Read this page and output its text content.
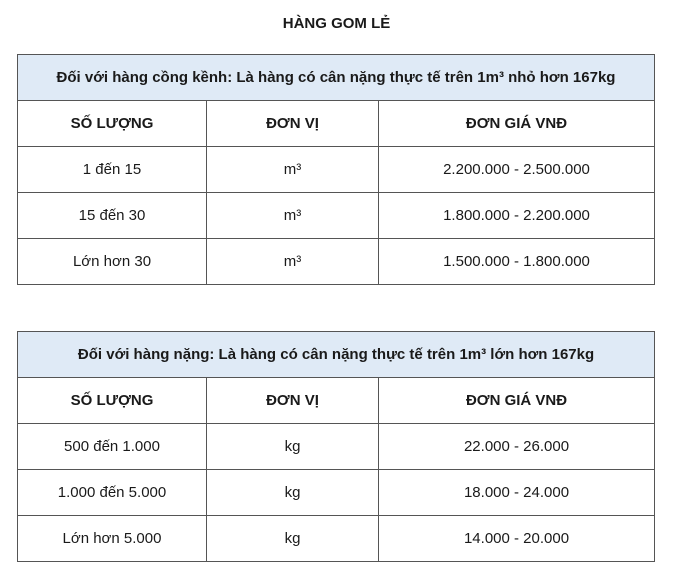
HÀNG GOM LẺ
Đối với hàng cồng kềnh: Là hàng có cân nặng thực tế trên 1m³ nhỏ hơn 167kg		
SỐ LƯỢNG	ĐƠN VỊ	ĐƠN GIÁ VNĐ
1 đến 15	m³	2.200.000 - 2.500.000
15 đến 30	m³	1.800.000 - 2.200.000
Lớn hơn 30	m³	1.500.000 - 1.800.000
Đối với hàng nặng: Là hàng có cân nặng thực tế trên 1m³ lớn hơn 167kg		
SỐ LƯỢNG	ĐƠN VỊ	ĐƠN GIÁ VNĐ
500 đến 1.000	kg	22.000 - 26.000
1.000 đến 5.000	kg	18.000 - 24.000
Lớn hơn 5.000	kg	14.000 - 20.000
